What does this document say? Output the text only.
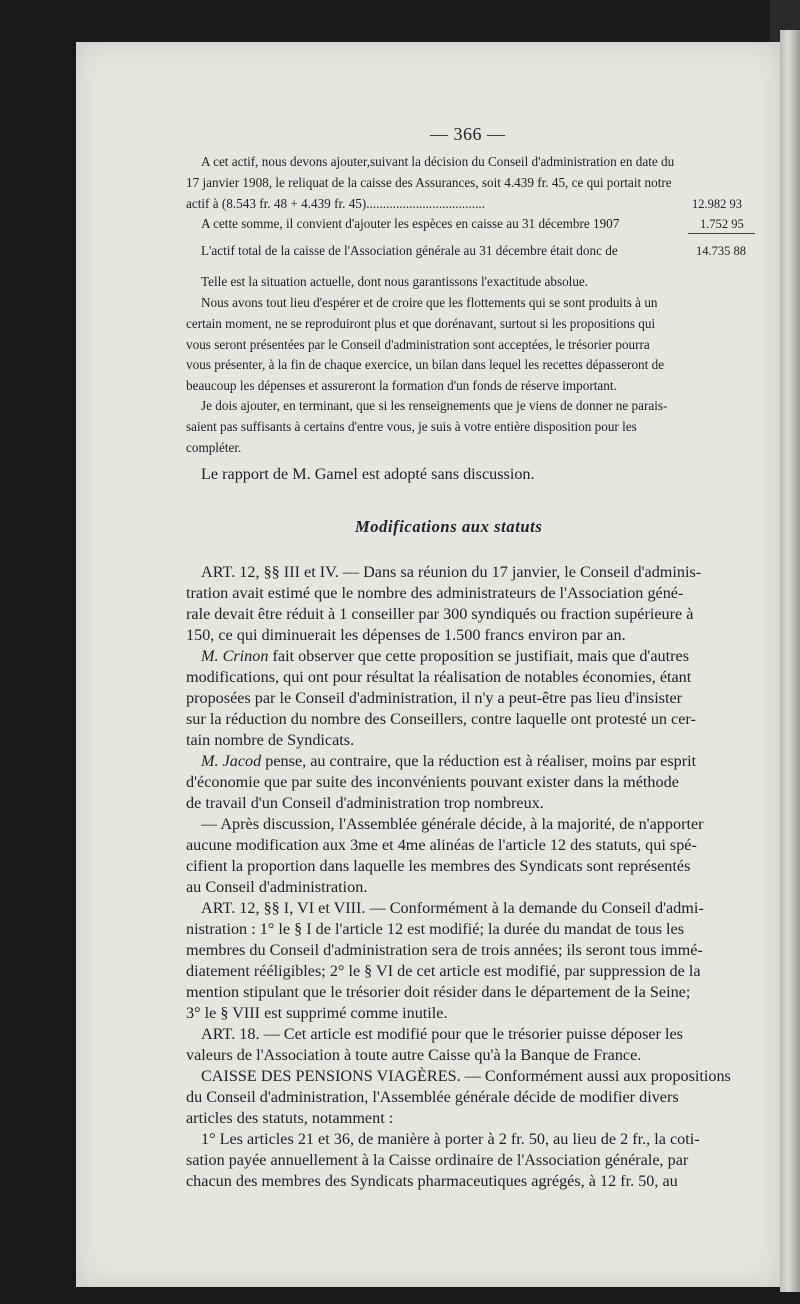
— 366 —
A cet actif, nous devons ajouter,suivant la décision du Conseil d'administration en date du
17 janvier 1908, le reliquat de la caisse des Assurances, soit 4.439 fr. 45, ce qui portait notre
actif à (8.543 fr. 48 + 4.439 fr. 45)....................................	12.982 93
A cette somme, il convient d'ajouter les espèces en caisse au 31 décembre 1907	1.752 95
L'actif total de la caisse de l'Association générale au 31 décembre était donc de	14.735 88
Telle est la situation actuelle, dont nous garantissons l'exactitude absolue.
Nous avons tout lieu d'espérer et de croire que les flottements qui se sont produits à un
certain moment, ne se reproduiront plus et que dorénavant, surtout si les propositions qui
vous seront présentées par le Conseil d'administration sont acceptées, le trésorier pourra
vous présenter, à la fin de chaque exercice, un bilan dans lequel les recettes dépasseront de
beaucoup les dépenses et assureront la formation d'un fonds de réserve important.
Je dois ajouter, en terminant, que si les renseignements que je viens de donner ne parais-
saient pas suffisants à certains d'entre vous, je suis à votre entière disposition pour les
compléter.
Le rapport de M. Gamel est adopté sans discussion.
Modifications aux statuts
ART. 12, §§ III et IV. — Dans sa réunion du 17 janvier, le Conseil d'adminis-
tration avait estimé que le nombre des administrateurs de l'Association géné-
rale devait être réduit à 1 conseiller par 300 syndiqués ou fraction supérieure à
150, ce qui diminuerait les dépenses de 1.500 francs environ par an.
M. Crinon fait observer que cette proposition se justifiait, mais que d'autres
modifications, qui ont pour résultat la réalisation de notables économies, étant
proposées par le Conseil d'administration, il n'y a peut-être pas lieu d'insister
sur la réduction du nombre des Conseillers, contre laquelle ont protesté un cer-
tain nombre de Syndicats.
M. Jacod pense, au contraire, que la réduction est à réaliser, moins par esprit
d'économie que par suite des inconvénients pouvant exister dans la méthode
de travail d'un Conseil d'administration trop nombreux.
— Après discussion, l'Assemblée générale décide, à la majorité, de n'apporter
aucune modification aux 3me et 4me alinéas de l'article 12 des statuts, qui spé-
cifient la proportion dans laquelle les membres des Syndicats sont représentés
au Conseil d'administration.
ART. 12, §§ I, VI et VIII. — Conformément à la demande du Conseil d'admi-
nistration : 1° le § I de l'article 12 est modifié; la durée du mandat de tous les
membres du Conseil d'administration sera de trois années; ils seront tous immé-
diatement rééligibles; 2° le § VI de cet article est modifié, par suppression de la
mention stipulant que le trésorier doit résider dans le département de la Seine;
3° le § VIII est supprimé comme inutile.
ART. 18. — Cet article est modifié pour que le trésorier puisse déposer les
valeurs de l'Association à toute autre Caisse qu'à la Banque de France.
CAISSE DES PENSIONS VIAGÈRES. — Conformément aussi aux propositions
du Conseil d'administration, l'Assemblée générale décide de modifier divers
articles des statuts, notamment :
1° Les articles 21 et 36, de manière à porter à 2 fr. 50, au lieu de 2 fr., la coti-
sation payée annuellement à la Caisse ordinaire de l'Association générale, par
chacun des membres des Syndicats pharmaceutiques agrégés, à 12 fr. 50, au
